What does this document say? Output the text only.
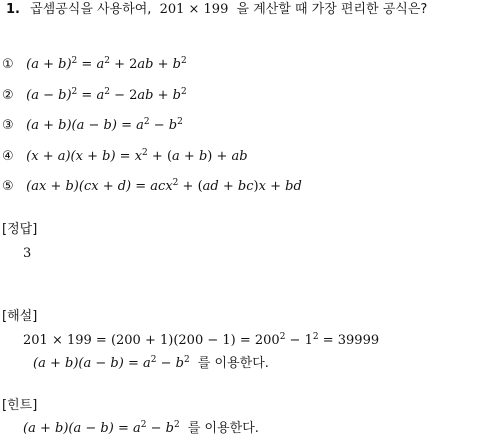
1. 곱셈공식을 사용하여, 201 × 199 을 계산할 때 가장 편리한 공식은?
① $(a + b)^2 = a^2 + 2ab + b^2$
② $(a - b)^2 = a^2 - 2ab + b^2$
③ $(a + b)(a - b) = a^2 - b^2$
④ $(x + a)(x + b) = x^2 + (a + b)$ + ab
⑤ (ax + b)(cx + d) = acx$^2$ + (ad + bc)x + bd
[정답]
3
[해설]
$201 \times 199 = (200 + 1)(200 - 1) = 200^2 - 1^2 = 39999$
$(a + b)(a - b) = a^2 - b^2$ 를 이용한다.
[힌트]
$(a + b)(a - b) = a^2 - b^2$ 를 이용한다.
